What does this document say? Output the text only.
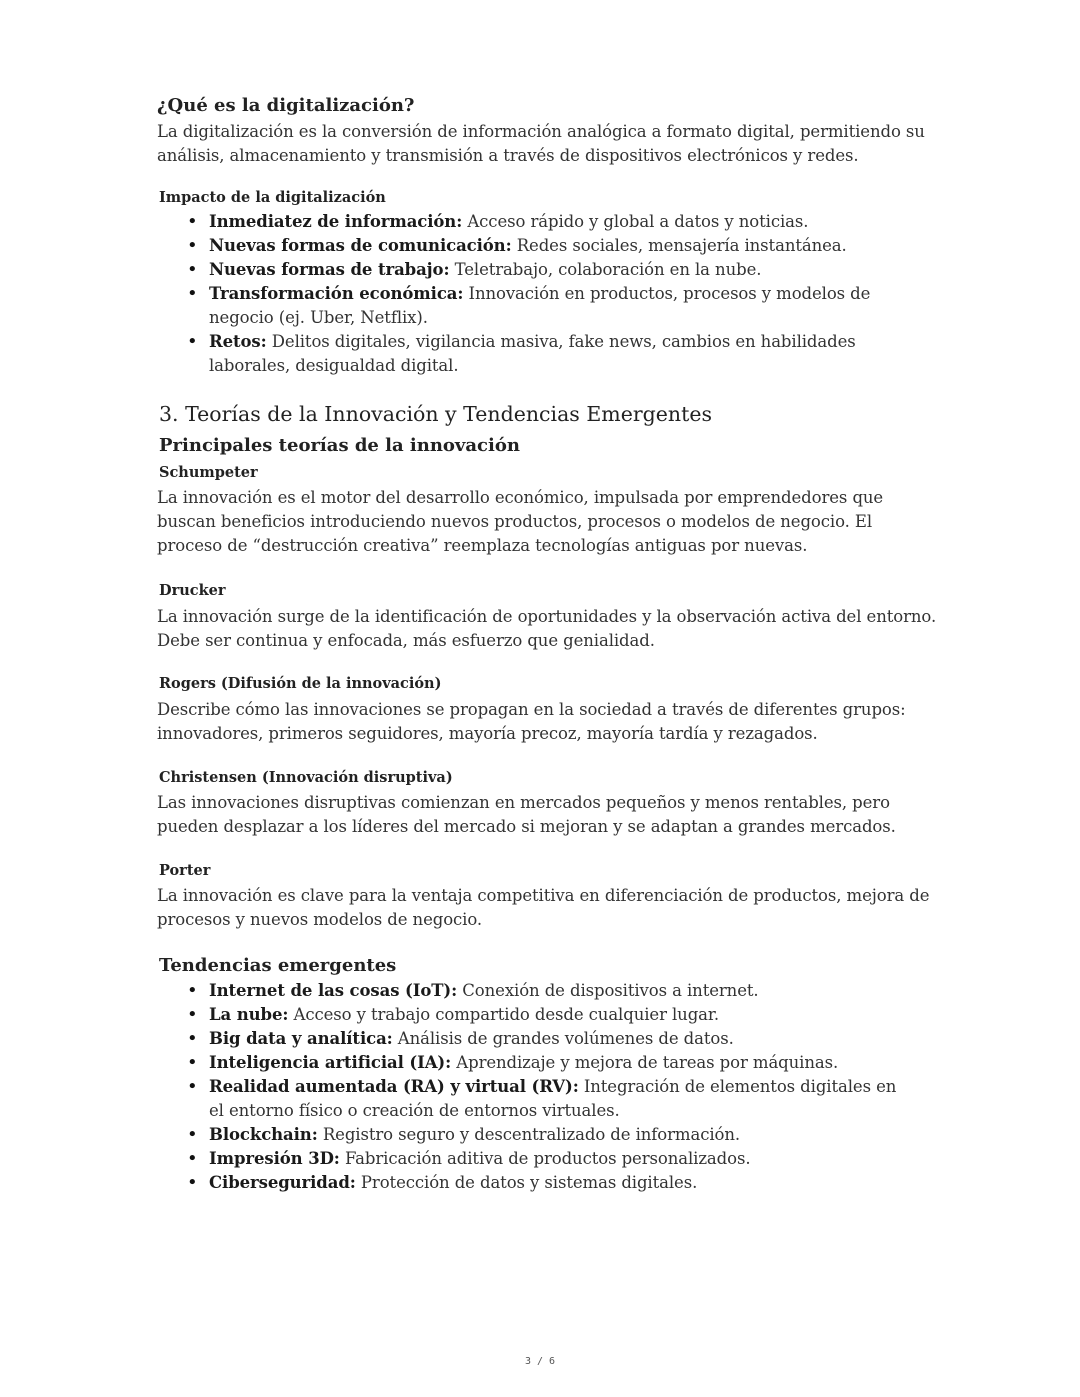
¿Qué es la digitalización?

La digitalización es la conversión de información analógica a formato digital, permitiendo su análisis, almacenamiento y transmisión a través de dispositivos electrónicos y redes.

Impacto de la digitalización
• Inmediatez de información: Acceso rápido y global a datos y noticias.
• Nuevas formas de comunicación: Redes sociales, mensajería instantánea.
• Nuevas formas de trabajo: Teletrabajo, colaboración en la nube.
• Transformación económica: Innovación en productos, procesos y modelos de negocio (ej. Uber, Netflix).
• Retos: Delitos digitales, vigilancia masiva, fake news, cambios en habilidades laborales, desigualdad digital.
3. Teorías de la Innovación y Tendencias Emergentes
Principales teorías de la innovación
Schumpeter

La innovación es el motor del desarrollo económico, impulsada por emprendedores que buscan beneficios introduciendo nuevos productos, procesos o modelos de negocio. El proceso de “destrucción creativa” reemplaza tecnologías antiguas por nuevas.

Drucker

La innovación surge de la identificación de oportunidades y la observación activa del entorno. Debe ser continua y enfocada, más esfuerzo que genialidad.

Rogers (Difusión de la innovación)

Describe cómo las innovaciones se propagan en la sociedad a través de diferentes grupos: innovadores, primeros seguidores, mayoría precoz, mayoría tardía y rezagados.

Christensen (Innovación disruptiva)

Las innovaciones disruptivas comienzan en mercados pequeños y menos rentables, pero pueden desplazar a los líderes del mercado si mejoran y se adaptan a grandes mercados.

Porter

La innovación es clave para la ventaja competitiva en diferenciación de productos, mejora de procesos y nuevos modelos de negocio.

Tendencias emergentes
• Internet de las cosas (IoT): Conexión de dispositivos a internet.
• La nube: Acceso y trabajo compartido desde cualquier lugar.
• Big data y analítica: Análisis de grandes volúmenes de datos.
• Inteligencia artificial (IA): Aprendizaje y mejora de tareas por máquinas.
• Realidad aumentada (RA) y virtual (RV): Integración de elementos digitales en el entorno físico o creación de entornos virtuales.
• Blockchain: Registro seguro y descentralizado de información.
• Impresión 3D: Fabricación aditiva de productos personalizados.
• Ciberseguridad: Protección de datos y sistemas digitales.
3 / 6
